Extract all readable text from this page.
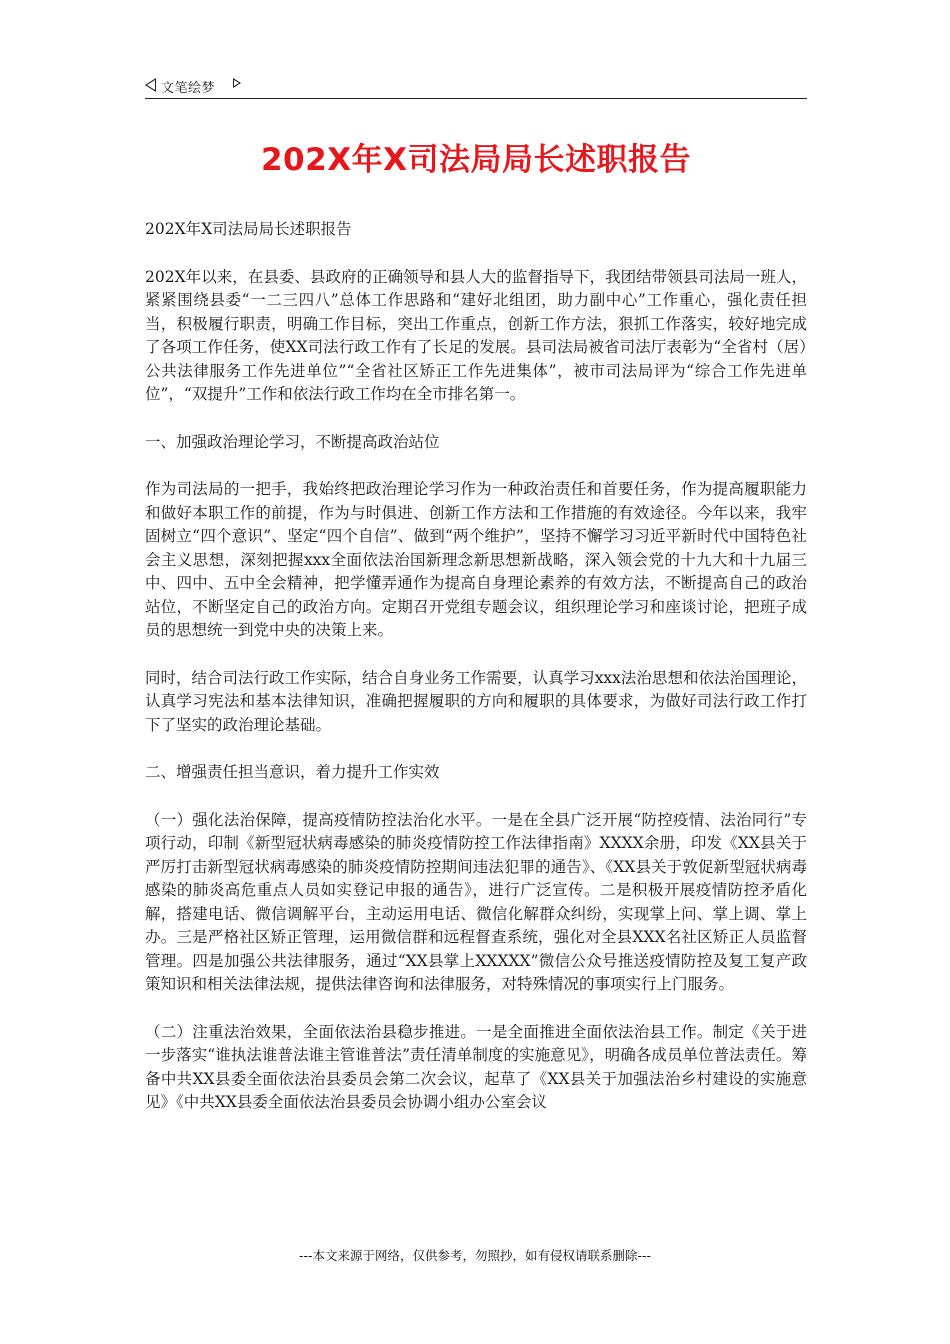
文笔绘梦
202X年X司法局局长述职报告

202X年X司法局局长述职报告

202X年以来，在县委、县政府的正确领导和县人大的监督指导下，我团结带领县司法局一班人，紧紧围绕县委“一二三四八”总体工作思路和“建好北组团，助力副中心”工作重心，强化责任担当，积极履行职责，明确工作目标，突出工作重点，创新工作方法，狠抓工作落实，较好地完成了各项工作任务，使XX司法行政工作有了长足的发展。县司法局被省司法厅表彰为“全省村（居）公共法律服务工作先进单位”“全省社区矫正工作先进集体”，被市司法局评为“综合工作先进单位”，“双提升”工作和依法行政工作均在全市排名第一。

一、加强政治理论学习，不断提高政治站位

作为司法局的一把手，我始终把政治理论学习作为一种政治责任和首要任务，作为提高履职能力和做好本职工作的前提，作为与时俱进、创新工作方法和工作措施的有效途径。今年以来，我牢固树立“四个意识”、坚定“四个自信”、做到“两个维护”，坚持不懈学习习近平新时代中国特色社会主义思想，深刻把握xxx全面依法治国新理念新思想新战略，深入领会党的十九大和十九届三中、四中、五中全会精神，把学懂弄通作为提高自身理论素养的有效方法，不断提高自己的政治站位，不断坚定自己的政治方向。定期召开党组专题会议，组织理论学习和座谈讨论，把班子成员的思想统一到党中央的决策上来。

同时，结合司法行政工作实际，结合自身业务工作需要，认真学习xxx法治思想和依法治国理论，认真学习宪法和基本法律知识，准确把握履职的方向和履职的具体要求，为做好司法行政工作打下了坚实的政治理论基础。

二、增强责任担当意识，着力提升工作实效

（一）强化法治保障，提高疫情防控法治化水平。一是在全县广泛开展“防控疫情、法治同行”专项行动，印制《新型冠状病毒感染的肺炎疫情防控工作法律指南》XXXX余册，印发《XX县关于严厉打击新型冠状病毒感染的肺炎疫情防控期间违法犯罪的通告》、《XX县关于敦促新型冠状病毒感染的肺炎高危重点人员如实登记申报的通告》，进行广泛宣传。二是积极开展疫情防控矛盾化解，搭建电话、微信调解平台，主动运用电话、微信化解群众纠纷，实现掌上问、掌上调、掌上办。三是严格社区矫正管理，运用微信群和远程督查系统，强化对全县XXX名社区矫正人员监督管理。四是加强公共法律服务，通过“XX县掌上XXXXX”微信公众号推送疫情防控及复工复产政策知识和相关法律法规，提供法律咨询和法律服务，对特殊情况的事项实行上门服务。

（二）注重法治效果，全面依法治县稳步推进。一是全面推进全面依法治县工作。制定《关于进一步落实“谁执法谁普法谁主管谁普法”责任清单制度的实施意见》，明确各成员单位普法责任。筹备中共XX县委全面依法治县委员会第二次会议，起草了《XX县关于加强法治乡村建设的实施意见》《中共XX县委全面依法治县委员会协调小组办公室会议

---本文来源于网络，仅供参考，勿照抄，如有侵权请联系删除---
